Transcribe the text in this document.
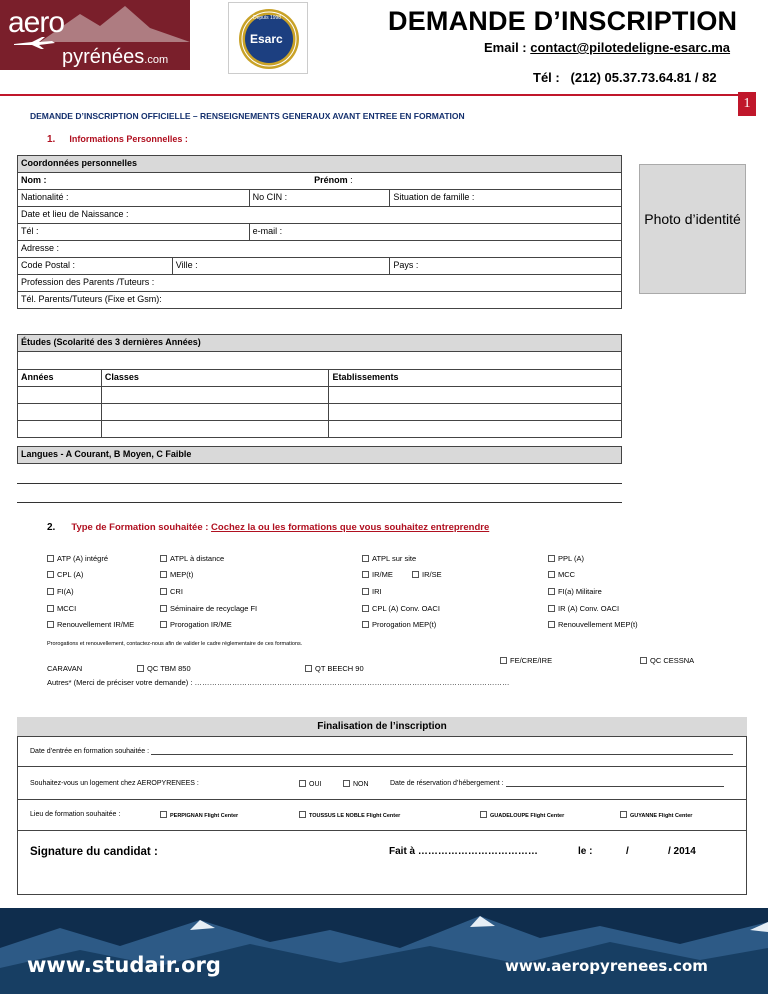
aero
pyrénées.com
Esarc
Depuis 1998	DEMANDE D’INSCRIPTION
Email : contact@pilotedeligne-esarc.ma
Tél :   (212) 05.37.73.64.81 / 82
1
DEMANDE D’INSCRIPTION OFFICIELLE – RENSEIGNEMENTS GENERAUX AVANT ENTREE EN FORMATION
1. Informations Personnelles :
Coordonnées personnelles			
Nom :		Prénom :	
Nationalité :		No CIN :	Situation de famille :
Date et lieu de Naissance :			
Tél :		e-mail :	
Adresse :			
Code Postal :	Ville :		Pays :
Profession des Parents /Tuteurs :			
Tél. Parents/Tuteurs (Fixe et Gsm):			
Photo d’identité
Études (Scolarité des 3 dernières Années)		

Années	Classes	Etablissements

Langues - A Courant, B Moyen, C Faible
2. Type de Formation souhaitée : Cochez la ou les formations que vous souhaitez entreprendre
ATP (A) intégré	ATPL à distance	ATPL sur site	PPL (A)
CPL (A)	MEP(t)	IR/ME	IR/SE	MCC
FI(A)	CRI	IRI	FI(a) Militaire
MCCI	Séminaire de recyclage FI	CPL (A) Conv. OACI	IR (A) Conv. OACI
Renouvellement IR/ME	Prorogation IR/ME	Prorogation MEP(t)	Renouvellement MEP(t)
Prorogations et renouvellement, contactez-nous afin de valider le cadre réglementaire de ces formations.
FE/CRE/IRE	QC CESSNA
CARAVAN	QC TBM 850	QT BEECH 90
Autres* (Merci de préciser votre demande) : ………………………………………………………………………………………………………………
Finalisation de l’inscription
Date d’entrée en formation souhaitée :
Souhaitez-vous un logement chez AEROPYRENEES :	OUI	NON	Date de réservation d’hébergement :
Lieu de formation souhaitée :	PERPIGNAN Flight Center	TOUSSUS LE NOBLE Flight Center	GUADELOUPE Flight Center	GUYANNE Flight Center
Signature du candidat :	Fait à ………………………………	le :	/	/ 2014
www.studair.org	www.aeropyrenees.com
